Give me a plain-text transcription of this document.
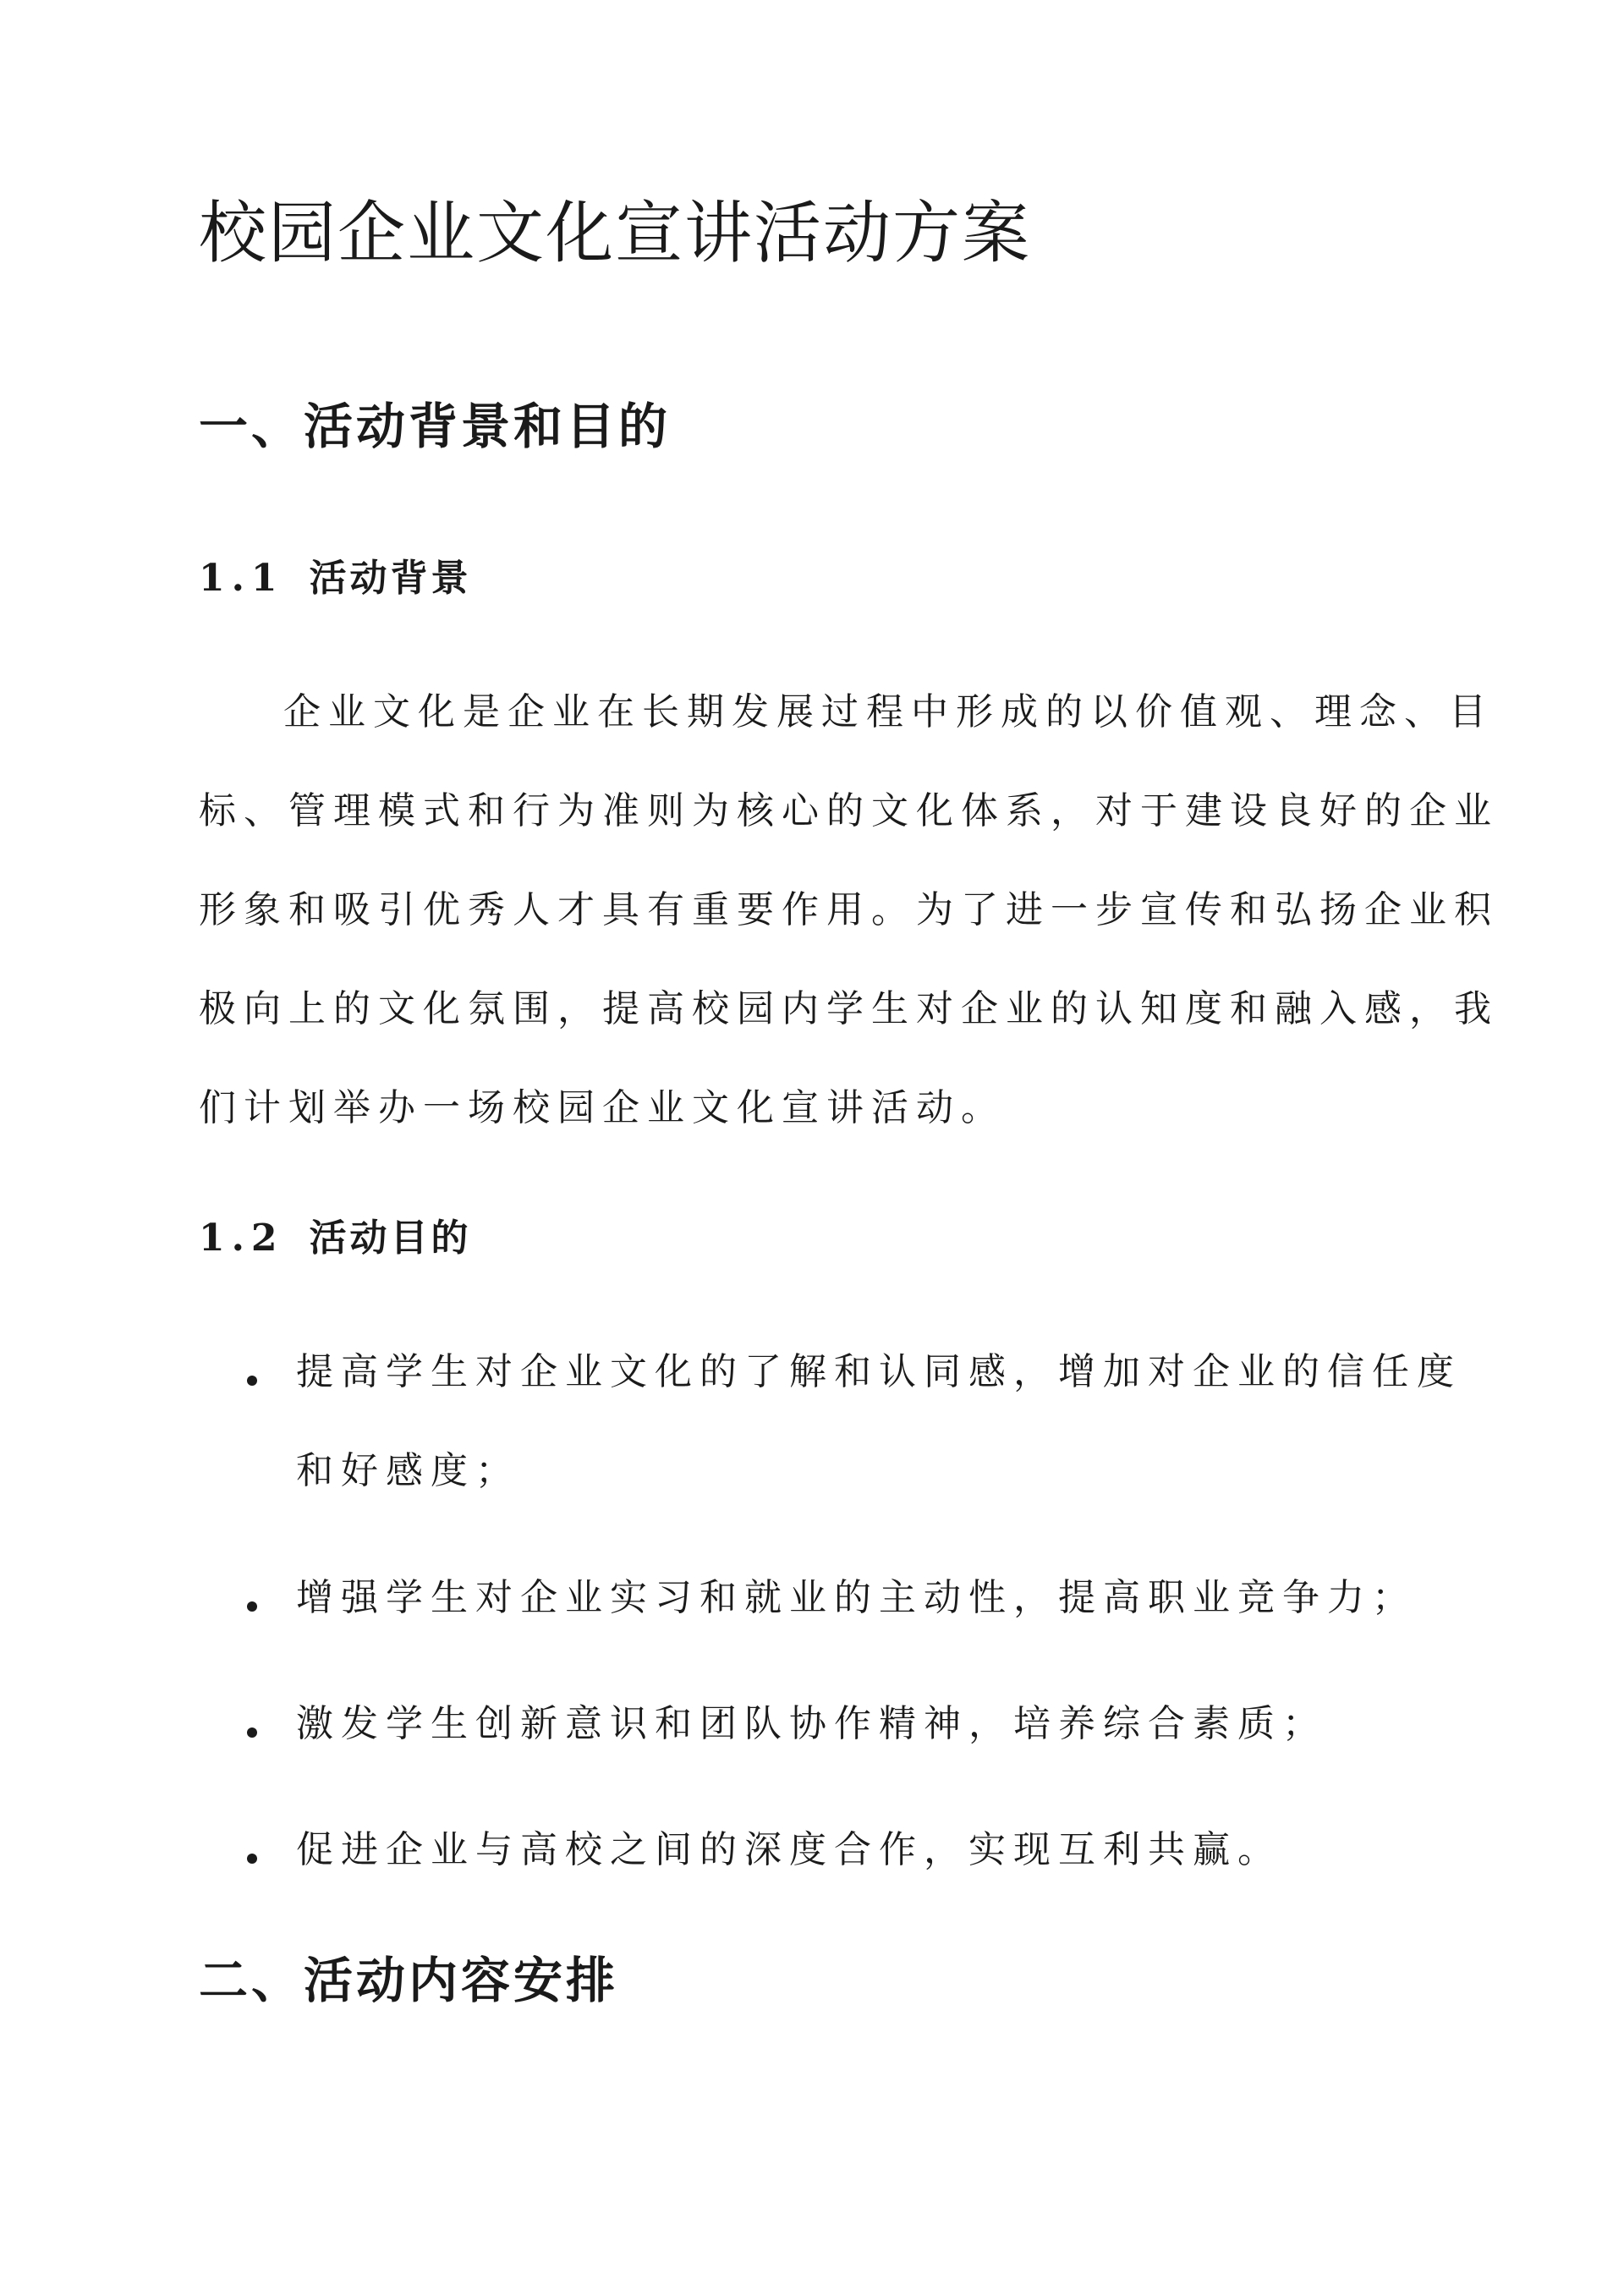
校园企业文化宣讲活动方案
一、活动背景和目的
1.1 活动背景

企业文化是企业在长期发展过程中形成的以价值观、理念、目

标、管理模式和行为准则为核心的文化体系，对于建设良好的企业

形象和吸引优秀人才具有重要作用。为了进一步宣传和弘扬企业积

极向上的文化氛围，提高校园内学生对企业的认知度和融入感，我

们计划举办一场校园企业文化宣讲活动。

1.2 活动目的

提高学生对企业文化的了解和认同感，增加对企业的信任度

和好感度；

增强学生对企业实习和就业的主动性，提高职业竞争力；

激发学生创新意识和团队协作精神，培养综合素质；

促进企业与高校之间的深度合作，实现互利共赢。

二、活动内容安排
